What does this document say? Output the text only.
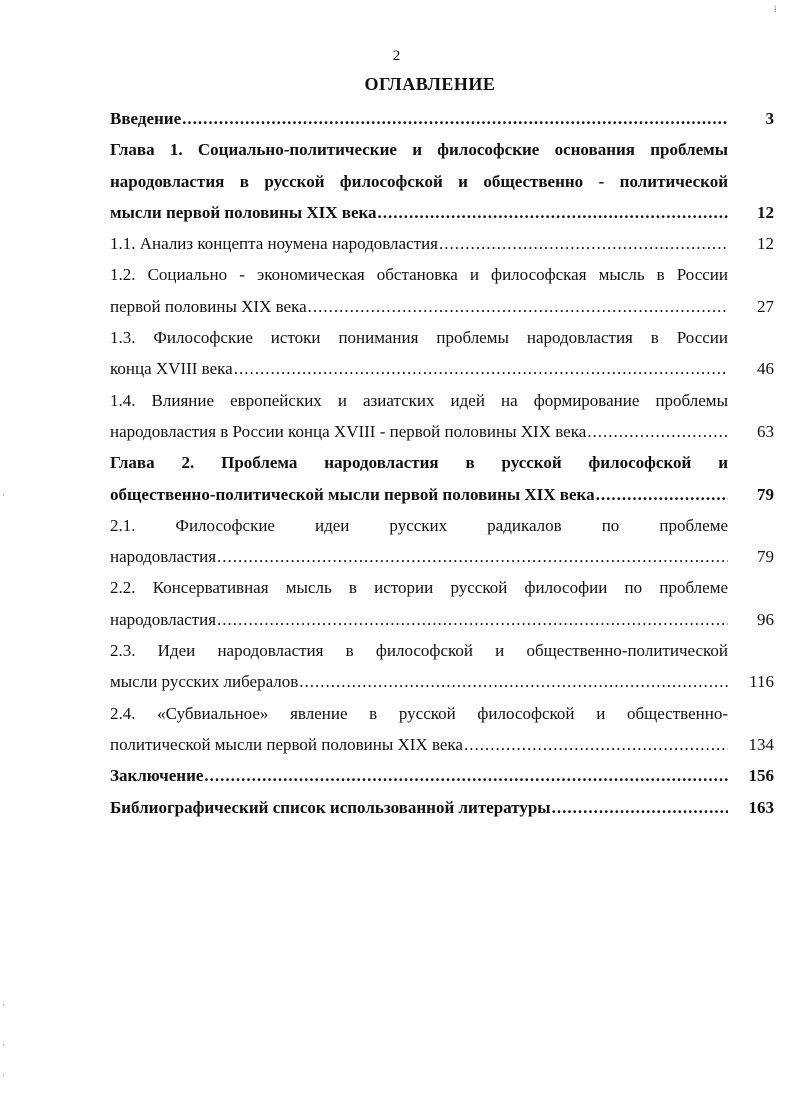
2
ОГЛАВЛЕНИЕ
Введение .....	3
Глава 1. Социально-политические и философские основания проблемы
народовластия в русской философской и общественно - политической
мысли первой половины XIX века .....	12
1.1. Анализ концепта ноумена народовластия .....	12
1.2. Социально - экономическая обстановка и философская мысль в России
первой половины XIX века .....	27
1.3. Философские истоки понимания проблемы народовластия в России
конца XVIII века .....	46
1.4. Влияние европейских и азиатских идей на формирование проблемы
народовластия в России конца XVIII - первой половины XIX века .....	63
Глава 2. Проблема народовластия в русской философской и
общественно-политической мысли первой половины XIX века .....	79
2.1. Философские идеи русских радикалов по проблеме
народовластия .....	79
2.2. Консервативная мысль в истории русской философии по проблеме
народовластия .....	96
2.3. Идеи народовластия в философской и общественно-политической
мысли русских либералов .....	116
2.4. «Субвиальное» явление в русской философской и общественно-
политической мысли первой половины XIX века .....	134
Заключение .....	156
Библиографический список использованной литературы .....	163
⁞
·
·
·
·
